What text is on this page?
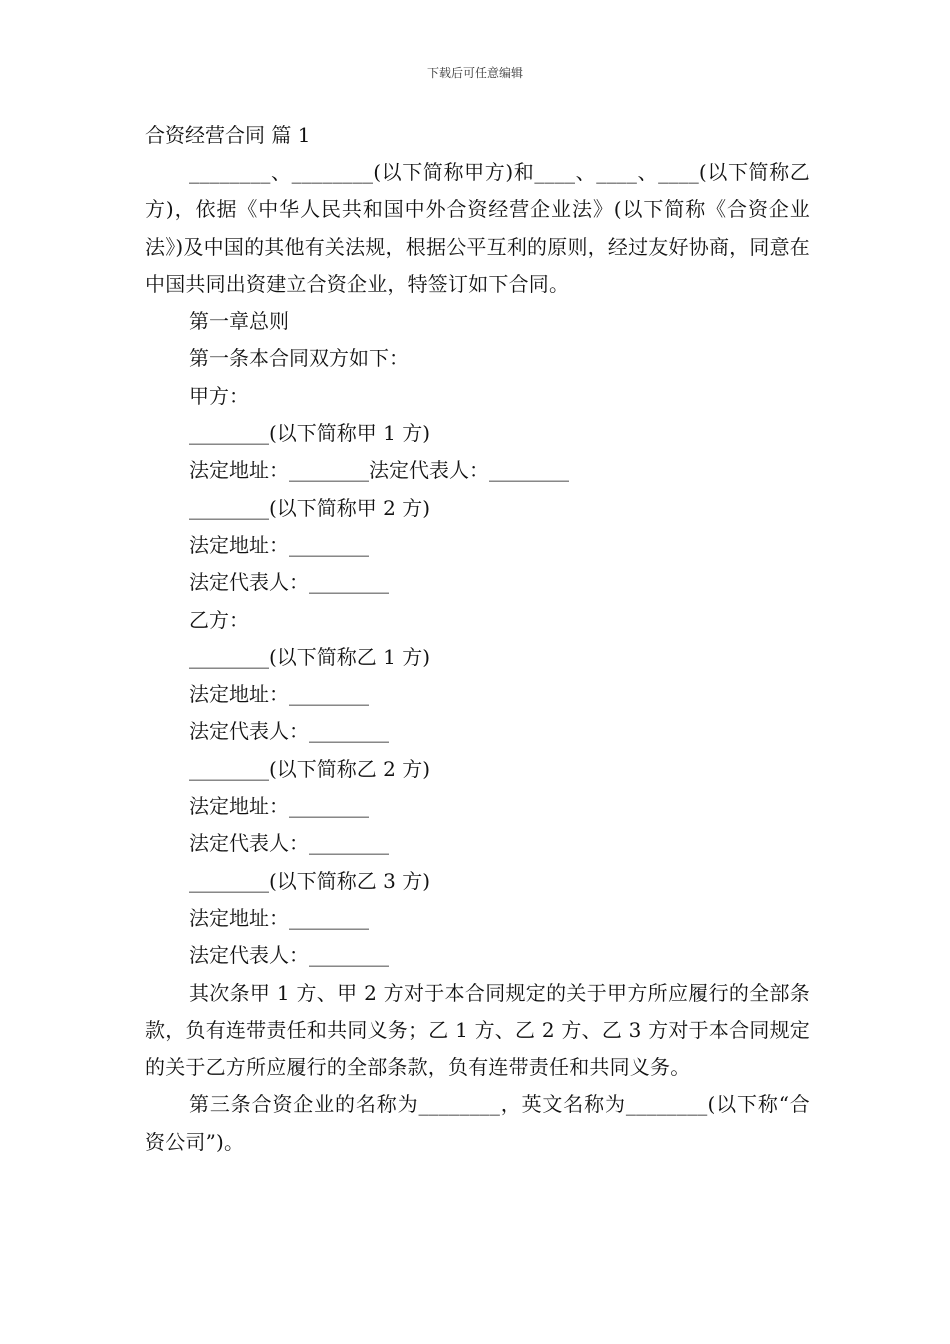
下载后可任意编辑

合资经营合同 篇 1

________、________(以下简称甲方)和____、____、____(以下简称乙方)，依据《中华人民共和国中外合资经营企业法》(以下简称《合资企业法》)及中国的其他有关法规，根据公平互利的原则，经过友好协商，同意在中国共同出资建立合资企业，特签订如下合同。

第一章总则

第一条本合同双方如下：

甲方：

________(以下简称甲 1 方)

法定地址：________法定代表人：________

________(以下简称甲 2 方)

法定地址：________

法定代表人：________

乙方：

________(以下简称乙 1 方)

法定地址：________

法定代表人：________

________(以下简称乙 2 方)

法定地址：________

法定代表人：________

________(以下简称乙 3 方)

法定地址：________

法定代表人：________

其次条甲 1 方、甲 2 方对于本合同规定的关于甲方所应履行的全部条款，负有连带责任和共同义务；乙 1 方、乙 2 方、乙 3 方对于本合同规定的关于乙方所应履行的全部条款，负有连带责任和共同义务。

第三条合资企业的名称为________，英文名称为________(以下称“合资公司”)。
